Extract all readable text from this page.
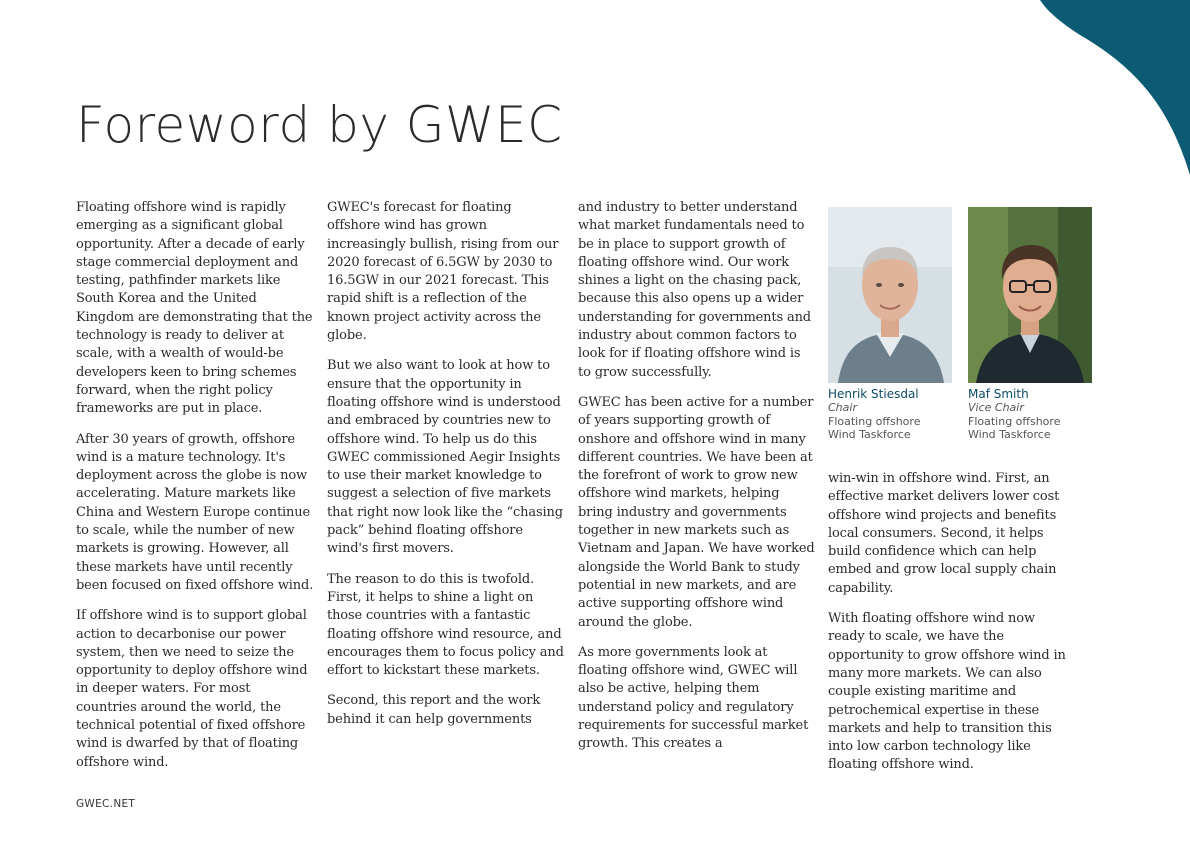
Foreword by GWEC

Floating offshore wind is rapidly emerging as a significant global opportunity. After a decade of early stage commercial deployment and testing, pathfinder markets like South Korea and the United Kingdom are demonstrating that the technology is ready to deliver at scale, with a wealth of would-be developers keen to bring schemes forward, when the right policy frameworks are put in place.

After 30 years of growth, offshore wind is a mature technology. It's deployment across the globe is now accelerating. Mature markets like China and Western Europe continue to scale, while the number of new markets is growing. However, all these markets have until recently been focused on fixed offshore wind.

If offshore wind is to support global action to decarbonise our power system, then we need to seize the opportunity to deploy offshore wind in deeper waters. For most countries around the world, the technical potential of fixed offshore wind is dwarfed by that of floating offshore wind.

GWEC's forecast for floating offshore wind has grown increasingly bullish, rising from our 2020 forecast of 6.5GW by 2030 to 16.5GW in our 2021 forecast. This rapid shift is a reflection of the known project activity across the globe.

But we also want to look at how to ensure that the opportunity in floating offshore wind is understood and embraced by countries new to offshore wind. To help us do this GWEC commissioned Aegir Insights to use their market knowledge to suggest a selection of five markets that right now look like the “chasing pack” behind floating offshore wind's first movers.

The reason to do this is twofold. First, it helps to shine a light on those countries with a fantastic floating offshore wind resource, and encourages them to focus policy and effort to kickstart these markets.

Second, this report and the work behind it can help governments

and industry to better understand what market fundamentals need to be in place to support growth of floating offshore wind. Our work shines a light on the chasing pack, because this also opens up a wider understanding for governments and industry about common factors to look for if floating offshore wind is to grow successfully.

GWEC has been active for a number of years supporting growth of onshore and offshore wind in many different countries. We have been at the forefront of work to grow new offshore wind markets, helping bring industry and governments together in new markets such as Vietnam and Japan. We have worked alongside the World Bank to study potential in new markets, and are active supporting offshore wind around the globe.

As more governments look at floating offshore wind, GWEC will also be active, helping them understand policy and regulatory requirements for successful market growth. This creates a

Henrik Stiesdal
Chair
Floating offshore
Wind Taskforce
Maf Smith
Vice Chair
Floating offshore
Wind Taskforce

win-win in offshore wind. First, an effective market delivers lower cost offshore wind projects and benefits local consumers. Second, it helps build confidence which can help embed and grow local supply chain capability.

With floating offshore wind now ready to scale, we have the opportunity to grow offshore wind in many more markets. We can also couple existing maritime and petrochemical expertise in these markets and help to transition this into low carbon technology like floating offshore wind.

GWEC.NET
